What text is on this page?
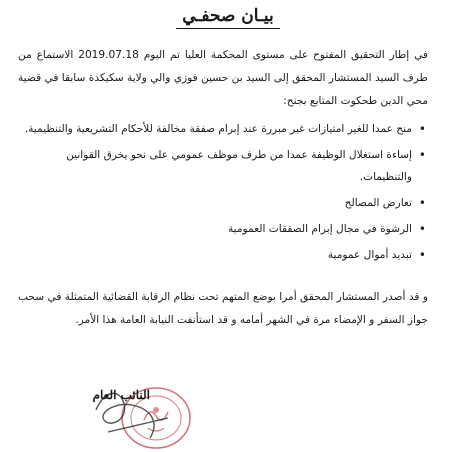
بيـان صحفـي

في إطار التحقيق المفتوح على مستوى المحكمة العليا تم اليوم 2019.07.18 الاستماع من طرف السيد المستشار المحقق إلى السيد بن حسين فوزي والي ولاية سكيكدة سابقا في قضية محي الدين طحكوت المتابع بجنح:

• منح عمدا للغير امتيازات غير مبررة عند إبرام صفقة مخالفة للأحكام التشريعية والتنظيمية.
• إساءة استغلال الوظيفة عمدا من طرف موظف عمومي على نحو يخرق القوانين والتنظيمات.
• تعارض المصالح
• الرشوة في مجال إبرام الصفقات العمومية
• تبديد أموال عمومية

و قد أصدر المستشار المحقق أمرا بوضع المتهم تحت نظام الرقابة القضائية المتمثلة في سحب جواز السفر و الإمضاء مرة في الشهر أمامه و قد استأنفت النيابة العامة هذا الأمر.

النائب العام
